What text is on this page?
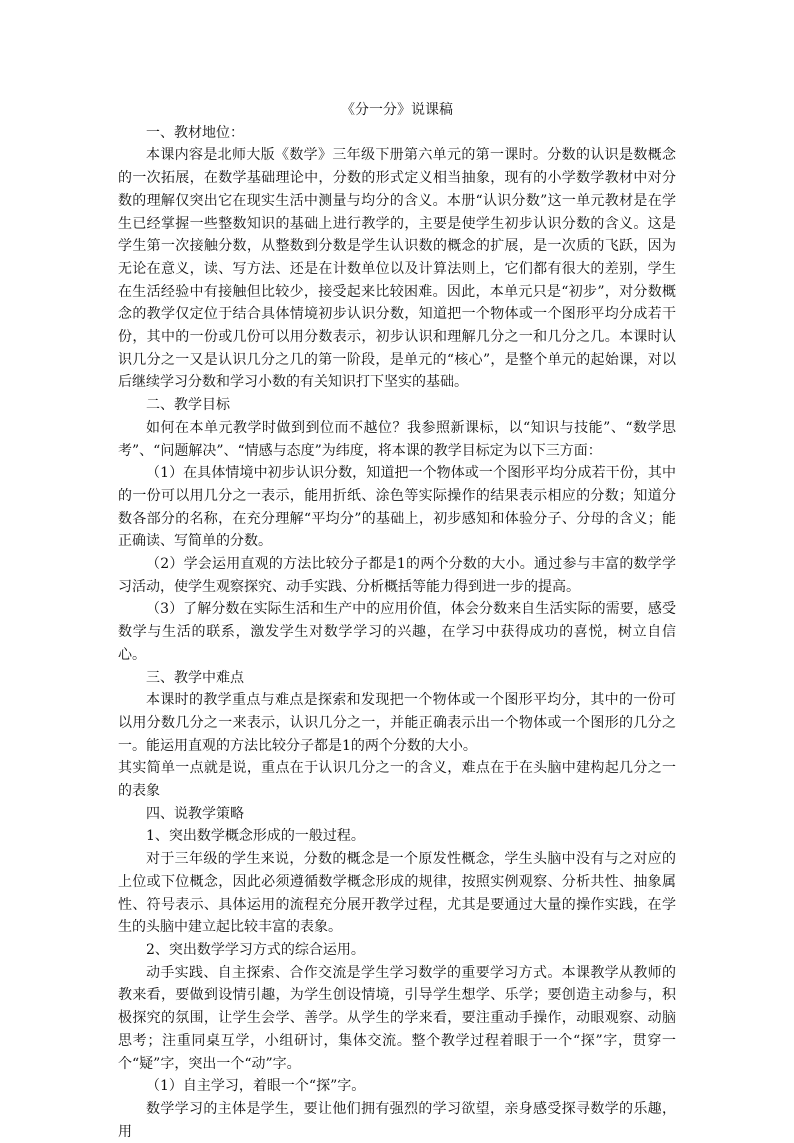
《分一分》说课稿

一、教材地位：

本课内容是北师大版《数学》三年级下册第六单元的第一课时。分数的认识是数概念的一次拓展，在数学基础理论中，分数的形式定义相当抽象，现有的小学数学教材中对分数的理解仅突出它在现实生活中测量与均分的含义。本册“认识分数”这一单元教材是在学生已经掌握一些整数知识的基础上进行教学的，主要是使学生初步认识分数的含义。这是学生第一次接触分数，从整数到分数是学生认识数的概念的扩展，是一次质的飞跃，因为无论在意义，读、写方法、还是在计数单位以及计算法则上，它们都有很大的差别，学生在生活经验中有接触但比较少，接受起来比较困难。因此，本单元只是“初步”，对分数概念的教学仅定位于结合具体情境初步认识分数，知道把一个物体或一个图形平均分成若干份，其中的一份或几份可以用分数表示，初步认识和理解几分之一和几分之几。本课时认识几分之一又是认识几分之几的第一阶段，是单元的“核心”，是整个单元的起始课，对以后继续学习分数和学习小数的有关知识打下坚实的基础。

二、教学目标

如何在本单元教学时做到到位而不越位？我参照新课标，以“知识与技能”、“数学思考”、“问题解决”、“情感与态度”为纬度，将本课的教学目标定为以下三方面：

（1）在具体情境中初步认识分数，知道把一个物体或一个图形平均分成若干份，其中的一份可以用几分之一表示，能用折纸、涂色等实际操作的结果表示相应的分数；知道分数各部分的名称，在充分理解“平均分”的基础上，初步感知和体验分子、分母的含义；能正确读、写简单的分数。

（2）学会运用直观的方法比较分子都是1的两个分数的大小。通过参与丰富的数学学习活动，使学生观察探究、动手实践、分析概括等能力得到进一步的提高。

（3）了解分数在实际生活和生产中的应用价值，体会分数来自生活实际的需要，感受数学与生活的联系，激发学生对数学学习的兴趣，在学习中获得成功的喜悦，树立自信心。

三、教学中难点

本课时的教学重点与难点是探索和发现把一个物体或一个图形平均分，其中的一份可以用分数几分之一来表示，认识几分之一，并能正确表示出一个物体或一个图形的几分之一。能运用直观的方法比较分子都是1的两个分数的大小。

其实简单一点就是说，重点在于认识几分之一的含义，难点在于在头脑中建构起几分之一的表象

四、说教学策略

1、突出数学概念形成的一般过程。

对于三年级的学生来说，分数的概念是一个原发性概念，学生头脑中没有与之对应的上位或下位概念，因此必须遵循数学概念形成的规律，按照实例观察、分析共性、抽象属性、符号表示、具体运用的流程充分展开教学过程，尤其是要通过大量的操作实践，在学生的头脑中建立起比较丰富的表象。

2、突出数学学习方式的综合运用。

动手实践、自主探索、合作交流是学生学习数学的重要学习方式。本课教学从教师的教来看，要做到设情引趣，为学生创设情境，引导学生想学、乐学；要创造主动参与，积极探究的氛围，让学生会学、善学。从学生的学来看，要注重动手操作，动眼观察、动脑思考；注重同桌互学，小组研讨，集体交流。整个教学过程着眼于一个“探”字，贯穿一个“疑”字，突出一个“动”字。

（1）自主学习，着眼一个“探”字。

数学学习的主体是学生，要让他们拥有强烈的学习欲望，亲身感受探寻数学的乐趣，用
